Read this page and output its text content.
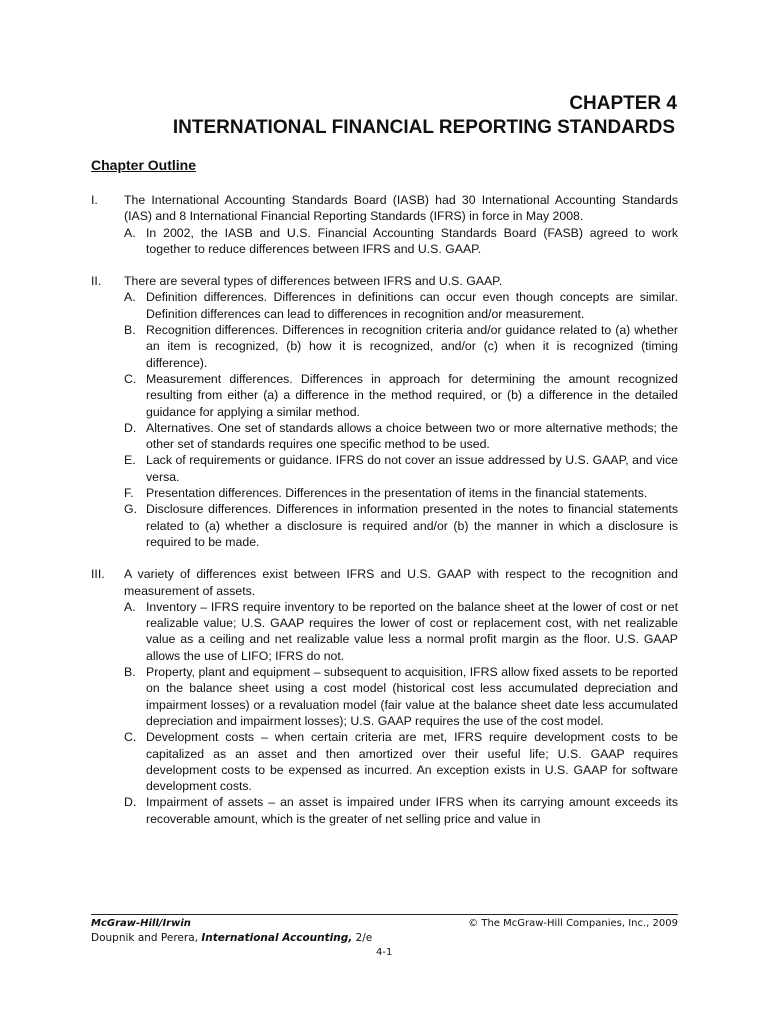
CHAPTER 4
INTERNATIONAL FINANCIAL REPORTING STANDARDS
Chapter Outline
I. The International Accounting Standards Board (IASB) had 30 International Accounting Standards (IAS) and 8 International Financial Reporting Standards (IFRS) in force in May 2008.
A. In 2002, the IASB and U.S. Financial Accounting Standards Board (FASB) agreed to work together to reduce differences between IFRS and U.S. GAAP.
II. There are several types of differences between IFRS and U.S. GAAP.
A. Definition differences. Differences in definitions can occur even though concepts are similar. Definition differences can lead to differences in recognition and/or measurement.
B. Recognition differences. Differences in recognition criteria and/or guidance related to (a) whether an item is recognized, (b) how it is recognized, and/or (c) when it is recognized (timing difference).
C. Measurement differences. Differences in approach for determining the amount recognized resulting from either (a) a difference in the method required, or (b) a difference in the detailed guidance for applying a similar method.
D. Alternatives. One set of standards allows a choice between two or more alternative methods; the other set of standards requires one specific method to be used.
E. Lack of requirements or guidance. IFRS do not cover an issue addressed by U.S. GAAP, and vice versa.
F. Presentation differences. Differences in the presentation of items in the financial statements.
G. Disclosure differences. Differences in information presented in the notes to financial statements related to (a) whether a disclosure is required and/or (b) the manner in which a disclosure is required to be made.
III. A variety of differences exist between IFRS and U.S. GAAP with respect to the recognition and measurement of assets.
A. Inventory – IFRS require inventory to be reported on the balance sheet at the lower of cost or net realizable value; U.S. GAAP requires the lower of cost or replacement cost, with net realizable value as a ceiling and net realizable value less a normal profit margin as the floor. U.S. GAAP allows the use of LIFO; IFRS do not.
B. Property, plant and equipment – subsequent to acquisition, IFRS allow fixed assets to be reported on the balance sheet using a cost model (historical cost less accumulated depreciation and impairment losses) or a revaluation model (fair value at the balance sheet date less accumulated depreciation and impairment losses); U.S. GAAP requires the use of the cost model.
C. Development costs – when certain criteria are met, IFRS require development costs to be capitalized as an asset and then amortized over their useful life; U.S. GAAP requires development costs to be expensed as incurred. An exception exists in U.S. GAAP for software development costs.
D. Impairment of assets – an asset is impaired under IFRS when its carrying amount exceeds its recoverable amount, which is the greater of net selling price and value in
McGraw-Hill/Irwin	© The McGraw-Hill Companies, Inc., 2009
Doupnik and Perera, International Accounting, 2/e
4-1
